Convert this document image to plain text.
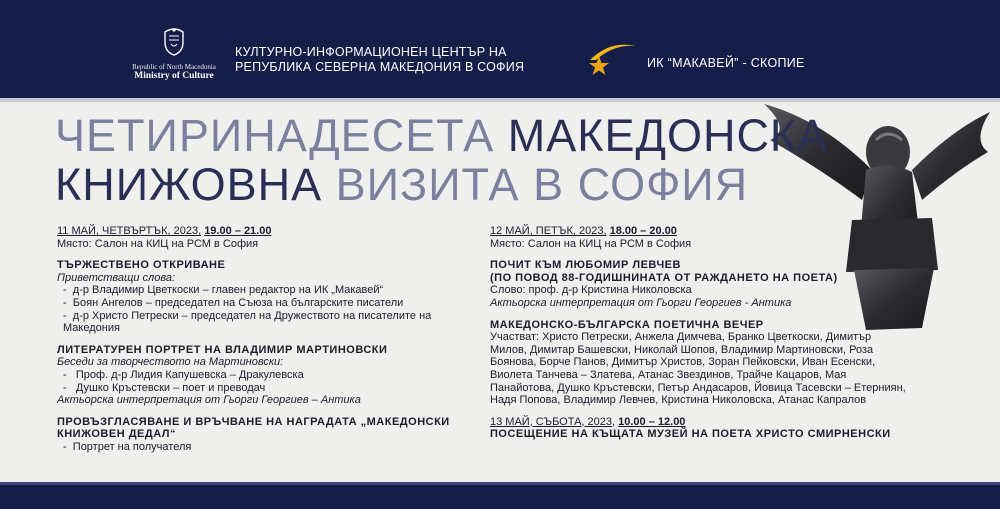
Republic of North Macedonia
Ministry of Culture
КУЛТУРНО-ИНФОРМАЦИОНЕН ЦЕНТЪР НА
РЕПУБЛИКА СЕВЕРНА МАКЕДОНИЯ В СОФИЯ	ИК “МАКАВЕЙ” - СКОПИЕ
ЧЕТИРИНАДЕСЕТА МАКЕДОНСКА
КНИЖОВНА ВИЗИТА В СОФИЯ

11 МАЙ, ЧЕТВЪРТЪК, 2023, 19.00 – 21.00

Място: Салон на КИЦ на РСМ в София

ТЪРЖЕСТВЕНО ОТКРИВАНЕ

Приветстващи слова:

-  д-р Владимир Цветкоски – главен редактор на ИК „Макавей“

-  Боян Ангелов – председател на Съюза на българските писатели

-  д-р Христо Петрески – председател на Дружеството на писателите на Македония

ЛИТЕРАТУРЕН ПОРТРЕТ НА ВЛАДИМИР МАРТИНОВСКИ

Беседи за творчеството на Мартиновски:

-   Проф. д-р Лидия Капушевска – Дракулевска

-   Душко Кръстевски – поет и преводач

Актьорска интерпретация от Гьорги Георгиев – Антика

ПРОВЪЗГЛАСЯВАНЕ И ВРЪЧВАНЕ НА НАГРАДАТА „МАКЕДОНСКИ КНИЖОВЕН ДЕДАЛ“

-  Портрет на получателя

12 МАЙ, ПЕТЪК, 2023, 18.00 – 20.00

Място: Салон на КИЦ на РСМ в София

ПОЧИТ КЪМ ЛЮБОМИР ЛЕВЧЕВ

(ПО ПОВОД 88-ГОДИШНИНАТА ОТ РАЖДАНЕТО НА ПОЕТА)

Слово: проф. д-р Кристина Николовска

Актьорска интерпретация от Гьорги Георгиев - Антика

МАКЕДОНСКО-БЪЛГАРСКА ПОЕТИЧНА ВЕЧЕР

Участват: Христо Петрески, Анжела Димчева, Бранко Цветкоски, Димитър

Милов, Димитар Башевски, Николай Шопов, Владимир Мартиновски, Роза

Боянова, Борче Панов, Димитър Христов, Зоран Пейковски, Иван Есенски,

Виолета Танчева – Златева, Атанас Звездинов, Трайче Кацаров, Мая

Панайотова, Душко Кръстевски, Петър Андасаров, Йовица Тасевски – Етерниян,

Надя Попова, Владимир Левчев, Кристина Николовска, Атанас Капралов

13 МАЙ, СЪБОТА, 2023, 10.00 – 12.00

ПОСЕЩЕНИЕ НА КЪЩАТА МУЗЕЙ НА ПОЕТА ХРИСТО СМИРНЕНСКИ
